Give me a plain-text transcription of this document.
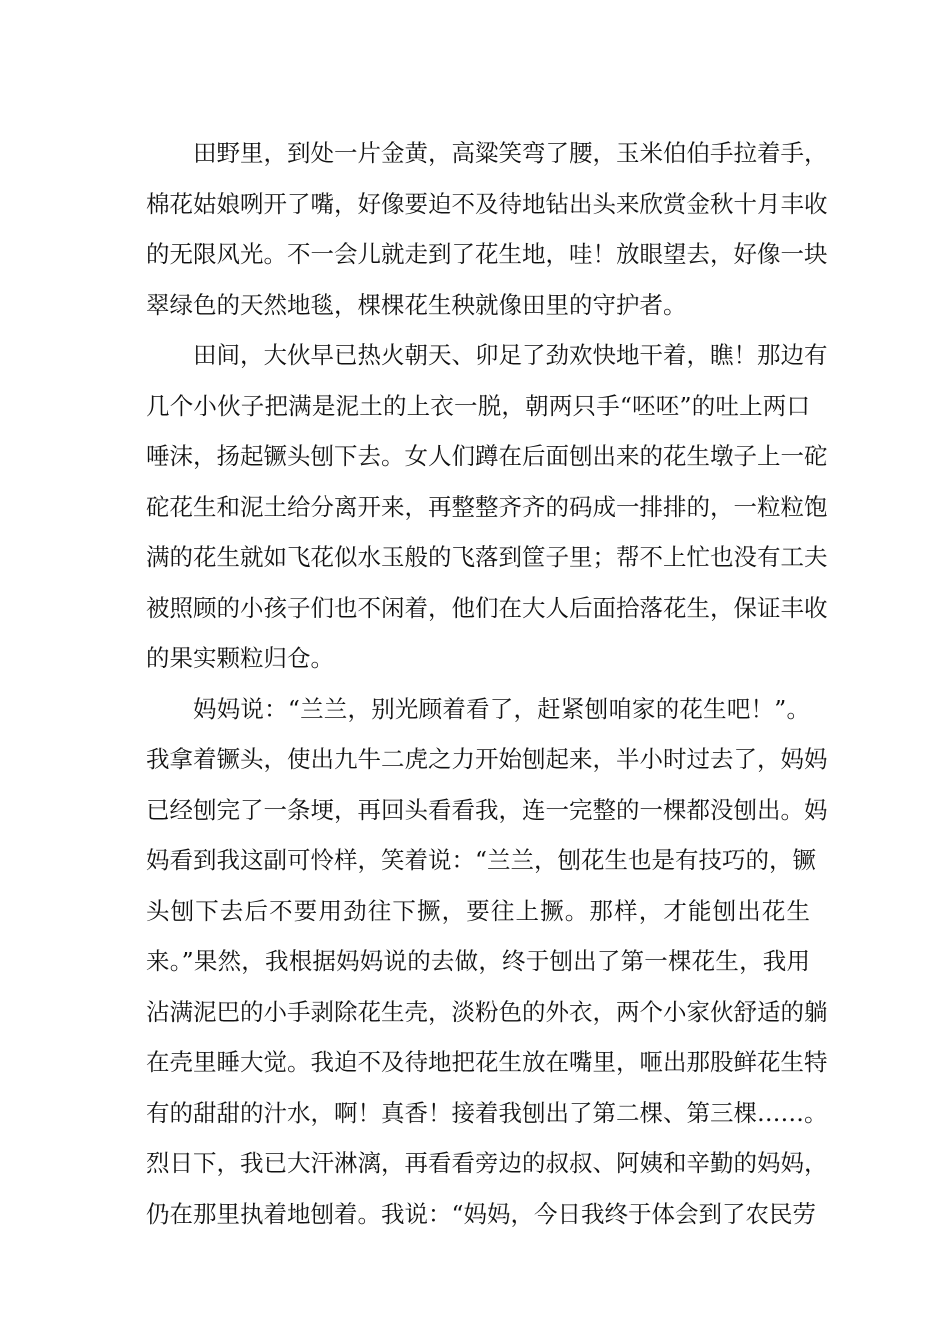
田野里，到处一片金黄，高粱笑弯了腰，玉米伯伯手拉着手，
棉花姑娘咧开了嘴，好像要迫不及待地钻出头来欣赏金秋十月丰收
的无限风光。不一会儿就走到了花生地，哇！放眼望去，好像一块
翠绿色的天然地毯，棵棵花生秧就像田里的守护者。
田间，大伙早已热火朝天、卯足了劲欢快地干着，瞧！那边有
几个小伙子把满是泥土的上衣一脱，朝两只手“呸呸”的吐上两口
唾沫，扬起镢头刨下去。女人们蹲在后面刨出来的花生墩子上一砣
砣花生和泥土给分离开来，再整整齐齐的码成一排排的，一粒粒饱
满的花生就如飞花似水玉般的飞落到筐子里；帮不上忙也没有工夫
被照顾的小孩子们也不闲着，他们在大人后面拾落花生，保证丰收
的果实颗粒归仓。
妈妈说：“兰兰，别光顾着看了，赶紧刨咱家的花生吧！”。
我拿着镢头，使出九牛二虎之力开始刨起来，半小时过去了，妈妈
已经刨完了一条埂，再回头看看我，连一完整的一棵都没刨出。妈
妈看到我这副可怜样，笑着说：“兰兰，刨花生也是有技巧的，镢
头刨下去后不要用劲往下撅，要往上撅。那样，才能刨出花生
来。”果然，我根据妈妈说的去做，终于刨出了第一棵花生，我用
沾满泥巴的小手剥除花生壳，淡粉色的外衣，两个小家伙舒适的躺
在壳里睡大觉。我迫不及待地把花生放在嘴里，咂出那股鲜花生特
有的甜甜的汁水，啊！真香！接着我刨出了第二棵、第三棵……。
烈日下，我已大汗淋漓，再看看旁边的叔叔、阿姨和辛勤的妈妈，
仍在那里执着地刨着。我说：“妈妈，今日我终于体会到了农民劳
